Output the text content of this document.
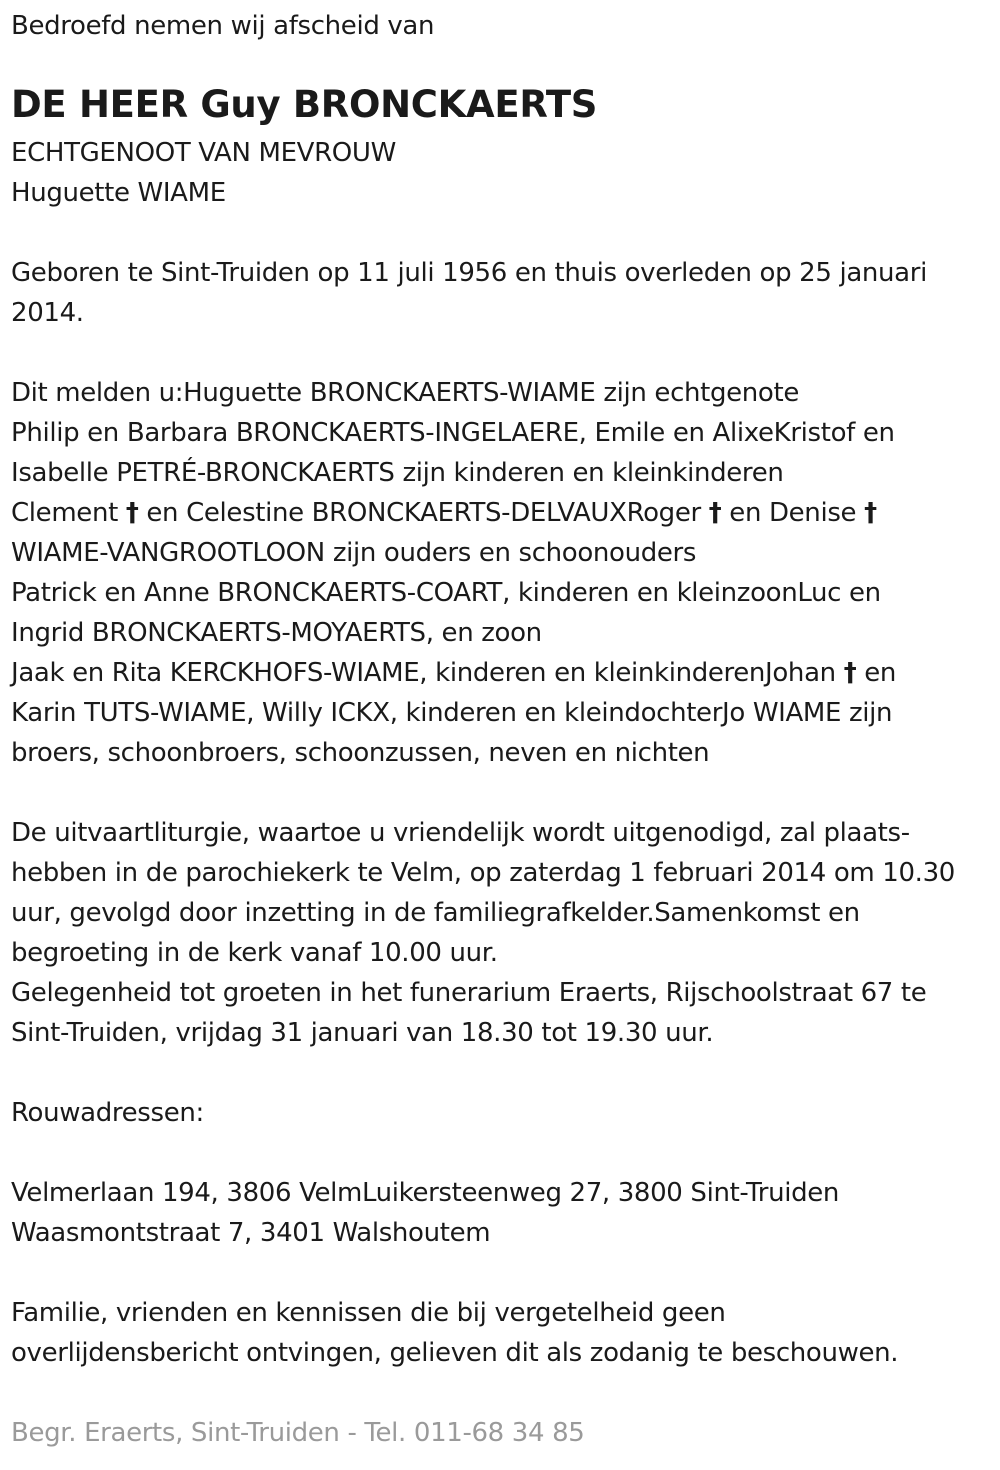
Bedroefd nemen wij afscheid van
DE HEER Guy BRONCKAERTS
ECHTGENOOT VAN MEVROUW
Huguette WIAME
Geboren te Sint-Truiden op 11 juli 1956 en thuis overleden op 25 januari
2014.
Dit melden u:Huguette BRONCKAERTS-WIAME zijn echtgenote
Philip en Barbara BRONCKAERTS-INGELAERE, Emile en AlixeKristof en
Isabelle PETRÉ-BRONCKAERTS zijn kinderen en kleinkinderen
Clement † en Celestine BRONCKAERTS-DELVAUXRoger † en Denise †
WIAME-VANGROOTLOON zijn ouders en schoonouders
Patrick en Anne BRONCKAERTS-COART, kinderen en kleinzoonLuc en
Ingrid BRONCKAERTS-MOYAERTS, en zoon
Jaak en Rita KERCKHOFS-WIAME, kinderen en kleinkinderenJohan † en
Karin TUTS-WIAME, Willy ICKX, kinderen en kleindochterJo WIAME zijn
broers, schoonbroers, schoonzussen, neven en nichten
De uitvaartliturgie, waartoe u vriendelijk wordt uitgenodigd, zal plaats-
hebben in de parochiekerk te Velm, op zaterdag 1 februari 2014 om 10.30
uur, gevolgd door inzetting in de familiegrafkelder.Samenkomst en
begroeting in de kerk vanaf 10.00 uur.
Gelegenheid tot groeten in het funerarium Eraerts, Rijschoolstraat 67 te
Sint-Truiden, vrijdag 31 januari van 18.30 tot 19.30 uur.
Rouwadressen:
Velmerlaan 194, 3806 VelmLuikersteenweg 27, 3800 Sint-Truiden
Waasmontstraat 7, 3401 Walshoutem
Familie, vrienden en kennissen die bij vergetelheid geen
overlijdensbericht ontvingen, gelieven dit als zodanig te beschouwen.
Begr. Eraerts, Sint-Truiden - Tel. 011-68 34 85
